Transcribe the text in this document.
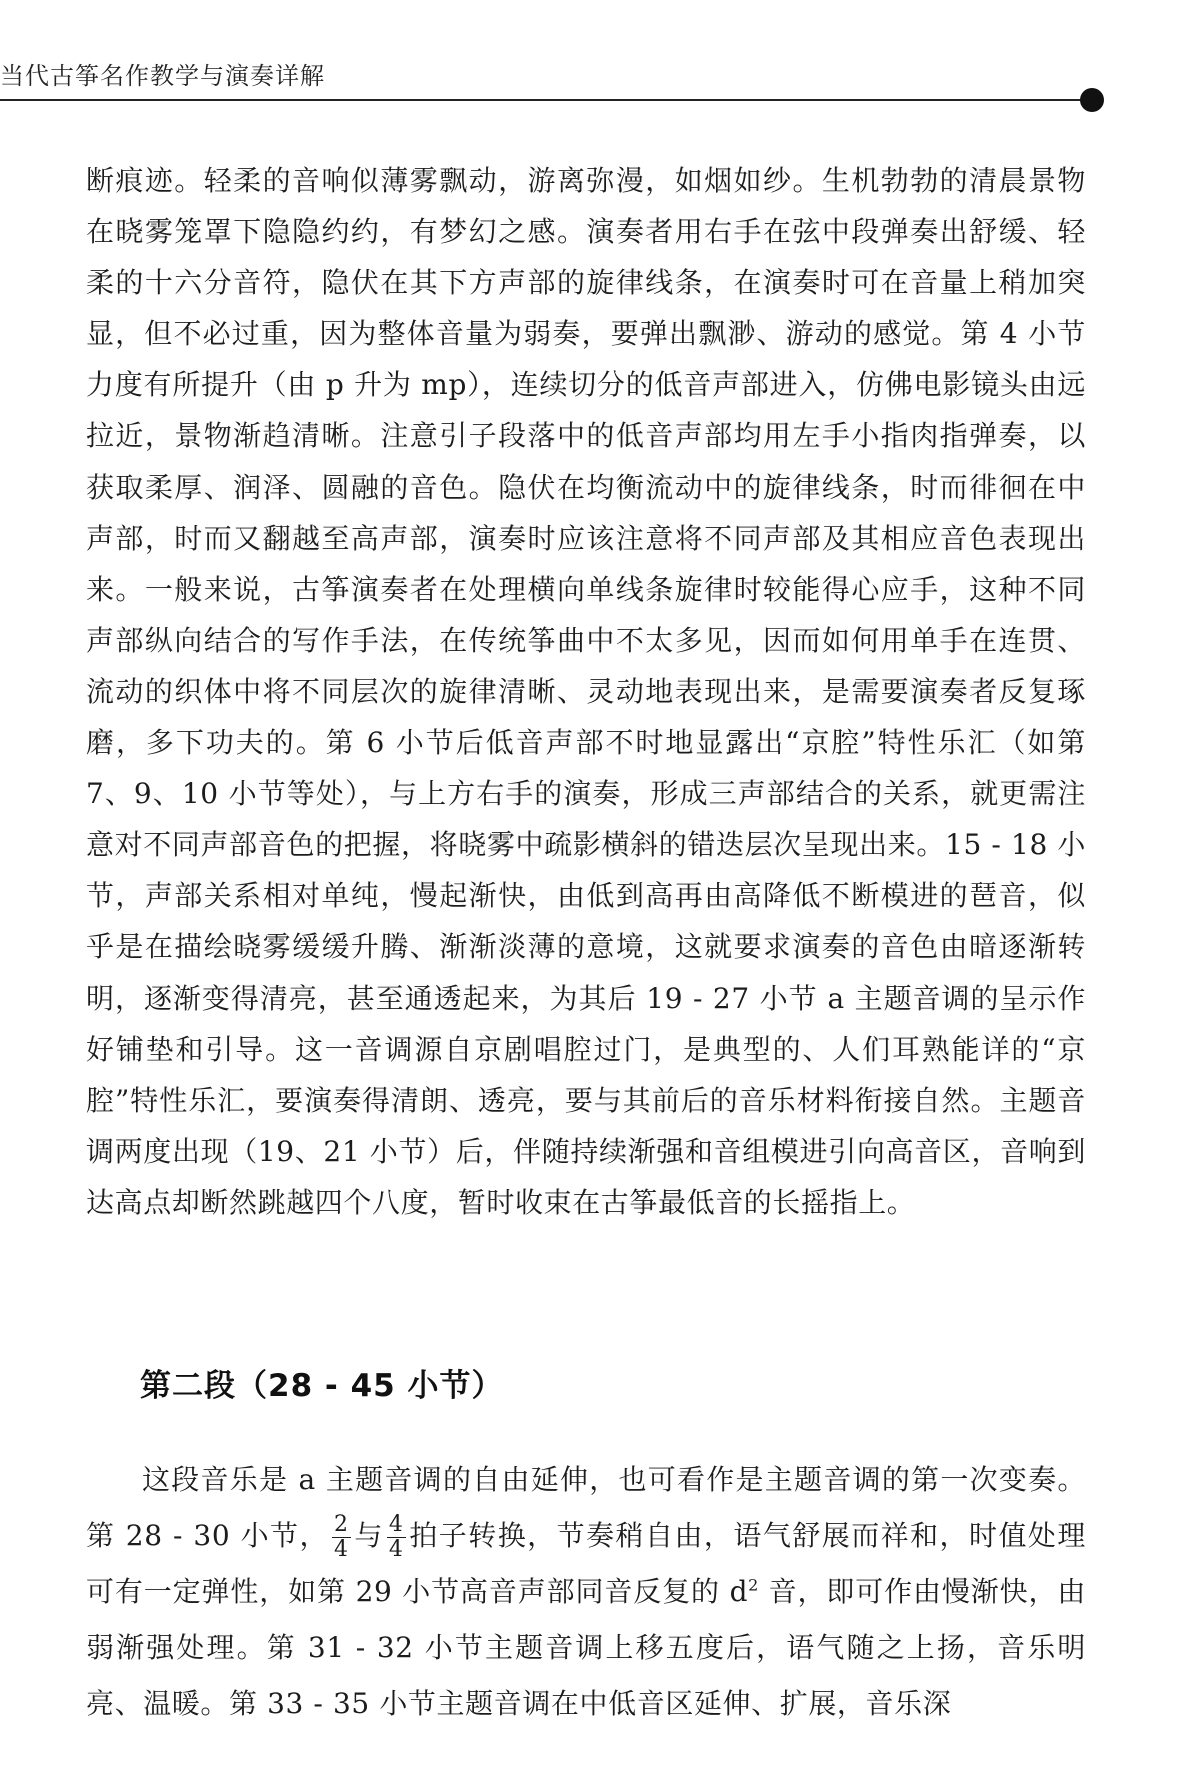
当代古筝名作教学与演奏详解

断痕迹。轻柔的音响似薄雾飘动，游离弥漫，如烟如纱。生机勃勃的清晨景物在晓雾笼罩下隐隐约约，有梦幻之感。演奏者用右手在弦中段弹奏出舒缓、轻柔的十六分音符，隐伏在其下方声部的旋律线条，在演奏时可在音量上稍加突显，但不必过重，因为整体音量为弱奏，要弹出飘渺、游动的感觉。第 4 小节力度有所提升（由 p 升为 mp），连续切分的低音声部进入，仿佛电影镜头由远拉近，景物渐趋清晰。注意引子段落中的低音声部均用左手小指肉指弹奏，以获取柔厚、润泽、圆融的音色。隐伏在均衡流动中的旋律线条，时而徘徊在中声部，时而又翻越至高声部，演奏时应该注意将不同声部及其相应音色表现出来。一般来说，古筝演奏者在处理横向单线条旋律时较能得心应手，这种不同声部纵向结合的写作手法，在传统筝曲中不太多见，因而如何用单手在连贯、流动的织体中将不同层次的旋律清晰、灵动地表现出来，是需要演奏者反复琢磨，多下功夫的。第 6 小节后低音声部不时地显露出“京腔”特性乐汇（如第 7、9、10 小节等处），与上方右手的演奏，形成三声部结合的关系，就更需注意对不同声部音色的把握，将晓雾中疏影横斜的错迭层次呈现出来。15 - 18 小节，声部关系相对单纯，慢起渐快，由低到高再由高降低不断模进的琶音，似乎是在描绘晓雾缓缓升腾、渐渐淡薄的意境，这就要求演奏的音色由暗逐渐转明，逐渐变得清亮，甚至通透起来，为其后 19 - 27 小节 a 主题音调的呈示作好铺垫和引导。这一音调源自京剧唱腔过门，是典型的、人们耳熟能详的“京腔”特性乐汇，要演奏得清朗、透亮，要与其前后的音乐材料衔接自然。主题音调两度出现（19、21 小节）后，伴随持续渐强和音组模进引向高音区，音响到达高点却断然跳越四个八度，暂时收束在古筝最低音的长摇指上。

第二段（28 - 45 小节）

这段音乐是 a 主题音调的自由延伸，也可看作是主题音调的第一次变奏。第 28 - 30 小节， $\frac{2}{4}$ 与 $\frac{4}{4}$ 拍子转换，节奏稍自由，语气舒展而祥和，时值处理可有一定弹性，如第 29 小节高音声部同音反复的 $d^2$ 音，即可作由慢渐快，由弱渐强处理。第 31 - 32 小节主题音调上移五度后，语气随之上扬，音乐明亮、温暖。第 33 - 35 小节主题音调在中低音区延伸、扩展，音乐深
